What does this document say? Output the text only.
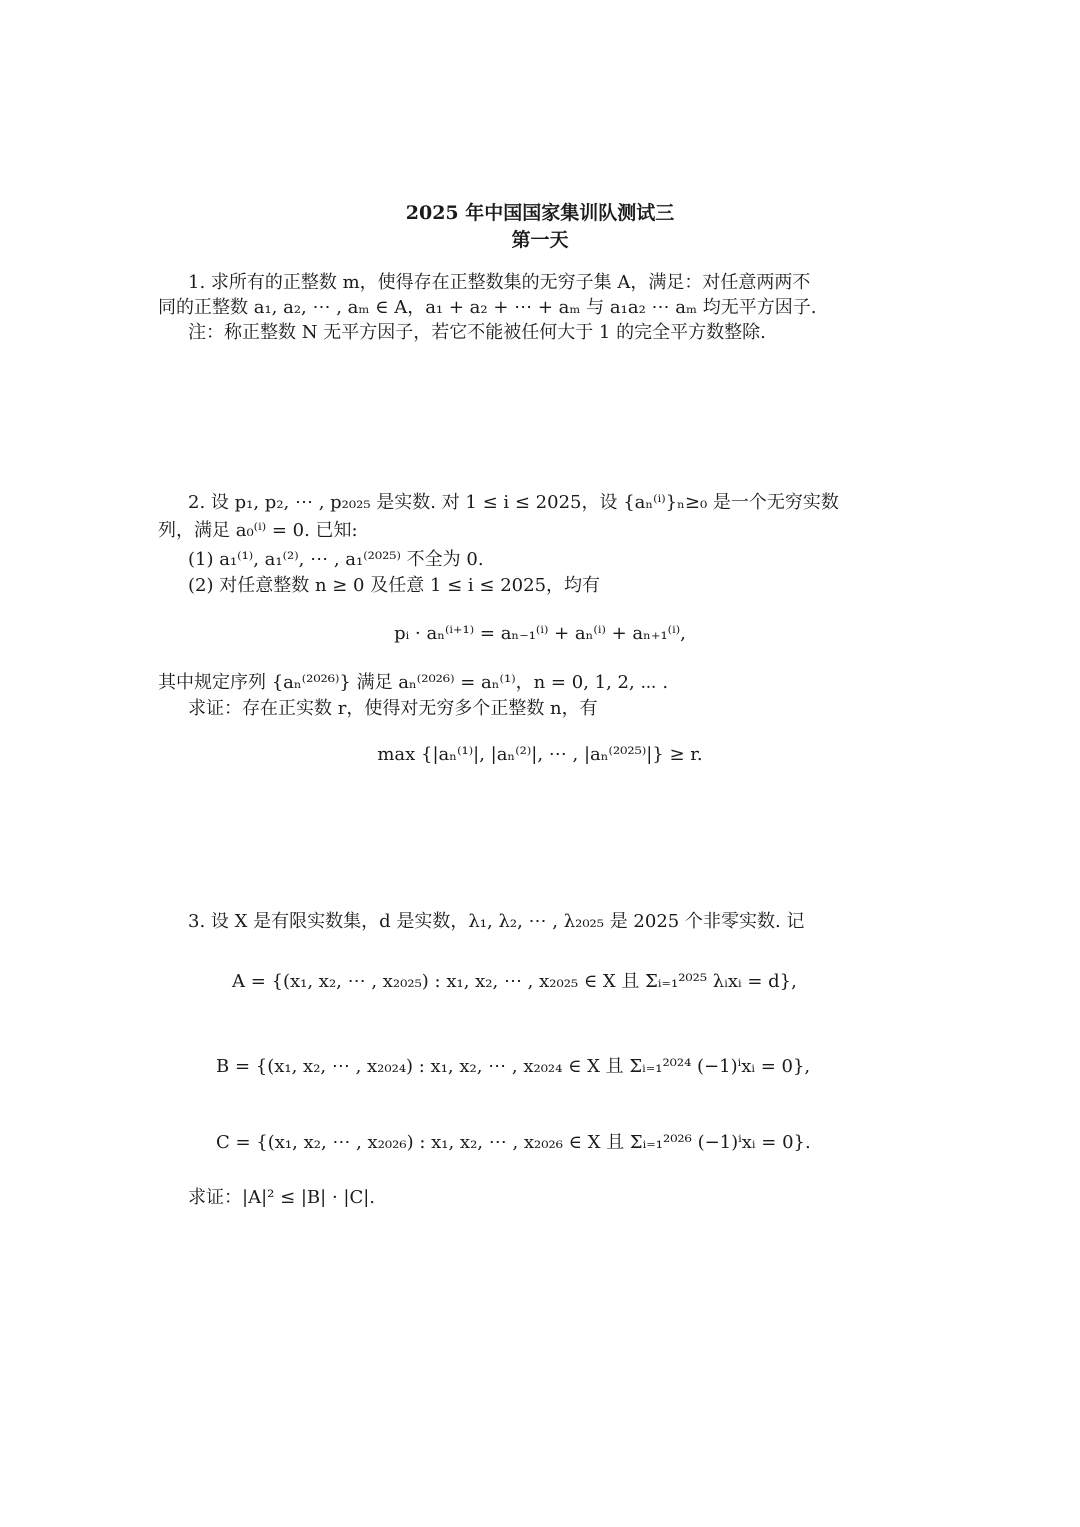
2025 年中国国家集训队测试三
第一天
1. 求所有的正整数 m，使得存在正整数集的无穷子集 A，满足：对任意两两不
同的正整数 a₁, a₂, ⋯ , aₘ ∈ A，a₁ + a₂ + ⋯ + aₘ 与 a₁a₂ ⋯ aₘ 均无平方因子.
注：称正整数 N 无平方因子，若它不能被任何大于 1 的完全平方数整除.
2. 设 p₁, p₂, ⋯ , p₂₀₂₅ 是实数. 对 1 ≤ i ≤ 2025，设 {aₙ⁽ⁱ⁾}ₙ≥₀ 是一个无穷实数
列，满足 a₀⁽ⁱ⁾ = 0. 已知:
(1) a₁⁽¹⁾, a₁⁽²⁾, ⋯ , a₁⁽²⁰²⁵⁾ 不全为 0.
(2) 对任意整数 n ≥ 0 及任意 1 ≤ i ≤ 2025，均有
pᵢ · aₙ⁽ⁱ⁺¹⁾ = aₙ₋₁⁽ⁱ⁾ + aₙ⁽ⁱ⁾ + aₙ₊₁⁽ⁱ⁾,
其中规定序列 {aₙ⁽²⁰²⁶⁾} 满足 aₙ⁽²⁰²⁶⁾ = aₙ⁽¹⁾，n = 0, 1, 2, ⋯ .
求证：存在正实数 r，使得对无穷多个正整数 n，有
max {|aₙ⁽¹⁾|, |aₙ⁽²⁾|, ⋯ , |aₙ⁽²⁰²⁵⁾|} ≥ r.
3. 设 X 是有限实数集，d 是实数，λ₁, λ₂, ⋯ , λ₂₀₂₅ 是 2025 个非零实数. 记
A = {(x₁, x₂, ⋯ , x₂₀₂₅) : x₁, x₂, ⋯ , x₂₀₂₅ ∈ X 且 Σᵢ₌₁²⁰²⁵ λᵢxᵢ = d},
B = {(x₁, x₂, ⋯ , x₂₀₂₄) : x₁, x₂, ⋯ , x₂₀₂₄ ∈ X 且 Σᵢ₌₁²⁰²⁴ (−1)ⁱxᵢ = 0},
C = {(x₁, x₂, ⋯ , x₂₀₂₆) : x₁, x₂, ⋯ , x₂₀₂₆ ∈ X 且 Σᵢ₌₁²⁰²⁶ (−1)ⁱxᵢ = 0}.
求证：|A|² ≤ |B| · |C|.
